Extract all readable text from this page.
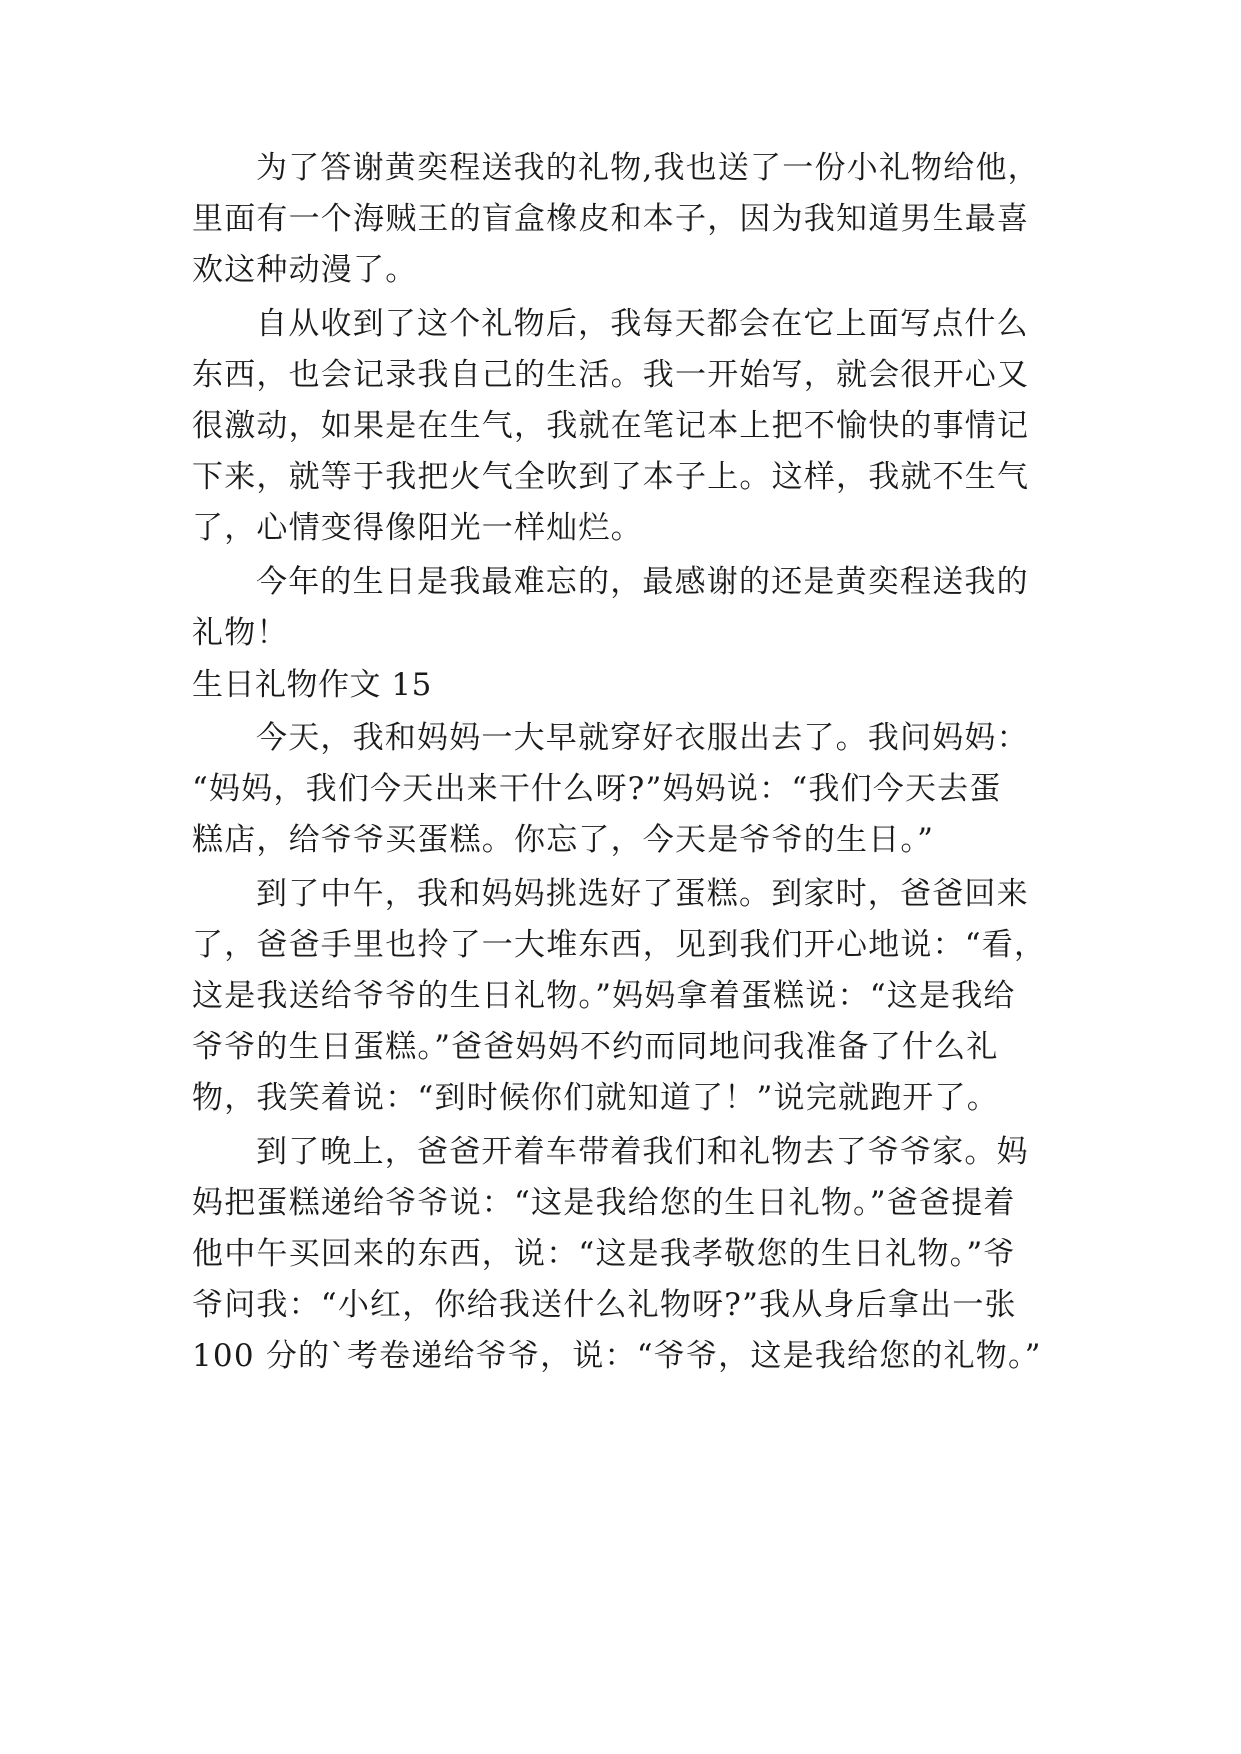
为了答谢黄奕程送我的礼物,我也送了一份小礼物给他，
里面有一个海贼王的盲盒橡皮和本子，因为我知道男生最喜
欢这种动漫了。
自从收到了这个礼物后，我每天都会在它上面写点什么
东西，也会记录我自己的生活。我一开始写，就会很开心又
很激动，如果是在生气，我就在笔记本上把不愉快的事情记
下来，就等于我把火气全吹到了本子上。这样，我就不生气
了，心情变得像阳光一样灿烂。
今年的生日是我最难忘的，最感谢的还是黄奕程送我的
礼物！
生日礼物作文 15
今天，我和妈妈一大早就穿好衣服出去了。我问妈妈：
“妈妈，我们今天出来干什么呀?”妈妈说：“我们今天去蛋
糕店，给爷爷买蛋糕。你忘了，今天是爷爷的生日。”
到了中午，我和妈妈挑选好了蛋糕。到家时，爸爸回来
了，爸爸手里也拎了一大堆东西，见到我们开心地说：“看，
这是我送给爷爷的生日礼物。”妈妈拿着蛋糕说：“这是我给
爷爷的生日蛋糕。”爸爸妈妈不约而同地问我准备了什么礼
物，我笑着说：“到时候你们就知道了！”说完就跑开了。
到了晚上，爸爸开着车带着我们和礼物去了爷爷家。妈
妈把蛋糕递给爷爷说：“这是我给您的生日礼物。”爸爸提着
他中午买回来的东西，说：“这是我孝敬您的生日礼物。”爷
爷问我：“小红，你给我送什么礼物呀?”我从身后拿出一张
100 分的`考卷递给爷爷，说：“爷爷，这是我给您的礼物。”
